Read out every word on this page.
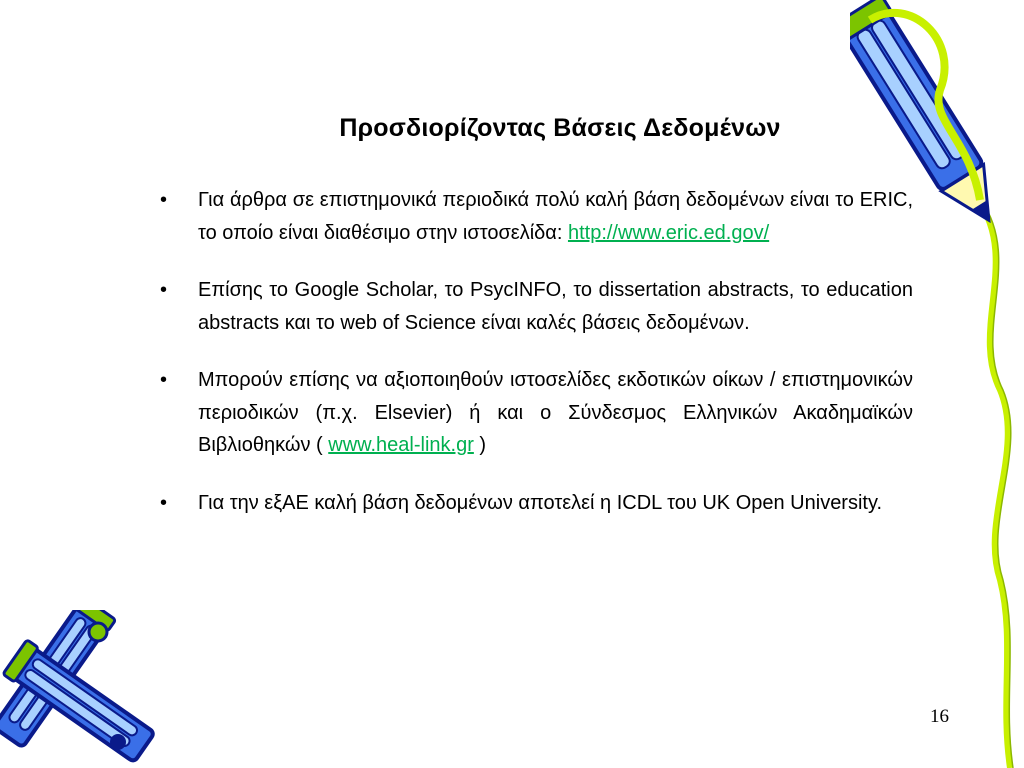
Προσδιορίζοντας Βάσεις Δεδομένων
• Για άρθρα σε επιστημονικά περιοδικά πολύ καλή βάση δεδομένων είναι το ERIC, το οποίο είναι διαθέσιμο στην ιστοσελίδα: http://www.eric.ed.gov/
• Επίσης το Google Scholar, το PsycINFO, το dissertation abstracts, το education abstracts και το web of Science είναι καλές βάσεις δεδομένων.
• Μπορούν επίσης να αξιοποιηθούν ιστοσελίδες εκδοτικών οίκων / επιστημονικών περιοδικών (π.χ. Elsevier) ή και ο Σύνδεσμος Ελληνικών Ακαδημαϊκών Βιβλιοθηκών ( www.heal-link.gr )
• Για την εξΑΕ καλή βάση δεδομένων αποτελεί η ICDL του UK Open University.
16
